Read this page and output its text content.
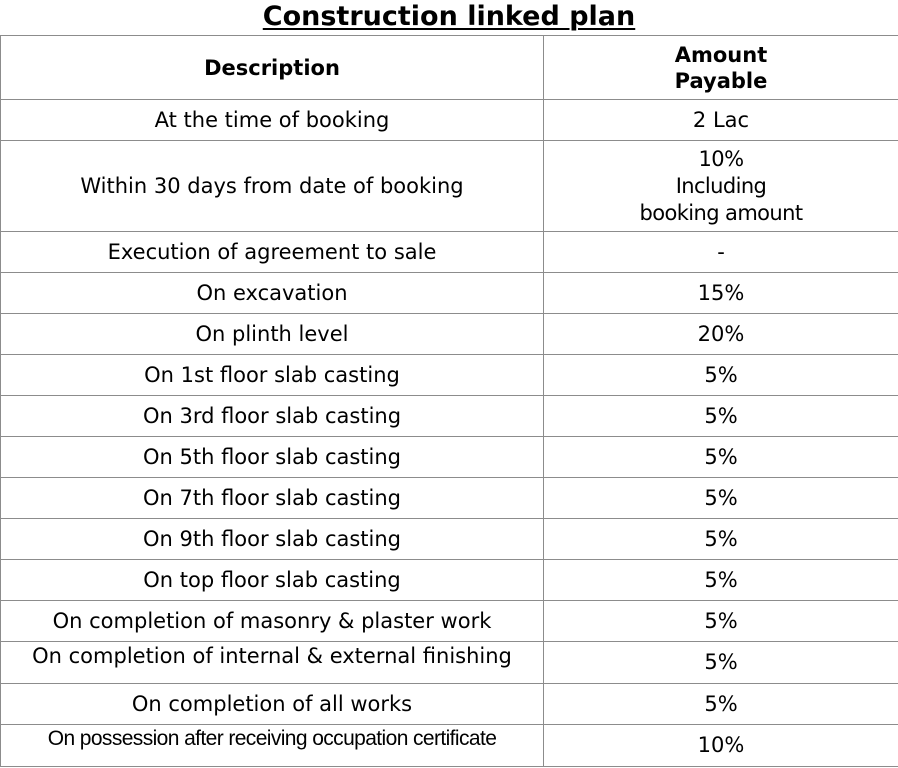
Construction linked plan
Description	Amount
Payable

At the time of booking	2 Lac
Within 30 days from date of booking	10%
Including
booking amount

Execution of agreement to sale	-
On excavation	15%
On plinth level	20%
On 1st floor slab casting	5%
On 3rd floor slab casting	5%
On 5th floor slab casting	5%
On 7th floor slab casting	5%
On 9th floor slab casting	5%
On top floor slab casting	5%
On completion of masonry & plaster work	5%

On completion of internal & external finishing	5%
On completion of all works	5%

On possession after receiving occupation certificate	10%
